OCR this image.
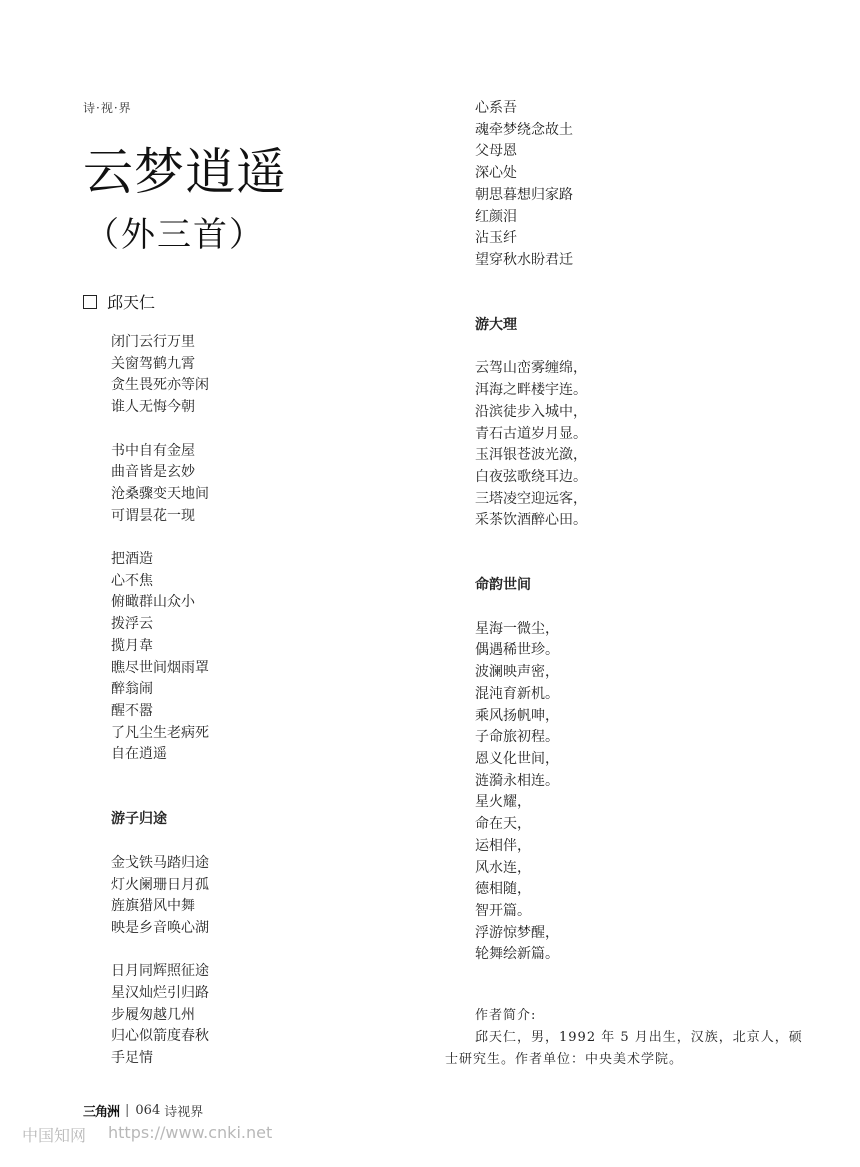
诗·视·界
云梦逍遥
（外三首）
邱天仁
闭门云行万里
关窗驾鹤九霄
贪生畏死亦等闲
谁人无悔今朝
书中自有金屋
曲音皆是玄妙
沧桑骤变天地间
可谓昙花一现
把酒造
心不焦
俯瞰群山众小
拨浮云
揽月韋
瞧尽世间烟雨罩
醉翁闹
醒不嚣
了凡尘生老病死
自在逍遥
游子归途
金戈铁马踏归途
灯火阑珊日月孤
旌旗猎风中舞
映是乡音唤心湖
日月同辉照征途
星汉灿烂引归路
步履匆越几州
归心似箭度春秋
手足情
心系吾
魂牵梦绕念故土
父母恩
深心处
朝思暮想归家路
红颜泪
沾玉纤
望穿秋水盼君迁
游大理
云驾山峦雾缠绵，
洱海之畔楼宇连。
沿滨徒步入城中，
青石古道岁月显。
玉洱银苍波光潋，
白夜弦歌绕耳边。
三塔凌空迎远客，
采茶饮酒醉心田。
命韵世间
星海一微尘，
偶遇稀世珍。
波澜映声密，
混沌育新机。
乘风扬帆呻，
子命旅初程。
恩义化世间，
涟漪永相连。
星火耀，
命在天，
运相伴，
风水连，
德相随，
智开篇。
浮游惊梦醒，
轮舞绘新篇。
作者简介:
邱天仁，男，1992 年 5 月出生，汉族，北京人，硕士研究生。作者单位：中央美术学院。
三角洲 | 064 诗视界
中国知网 https://www.cnki.net
